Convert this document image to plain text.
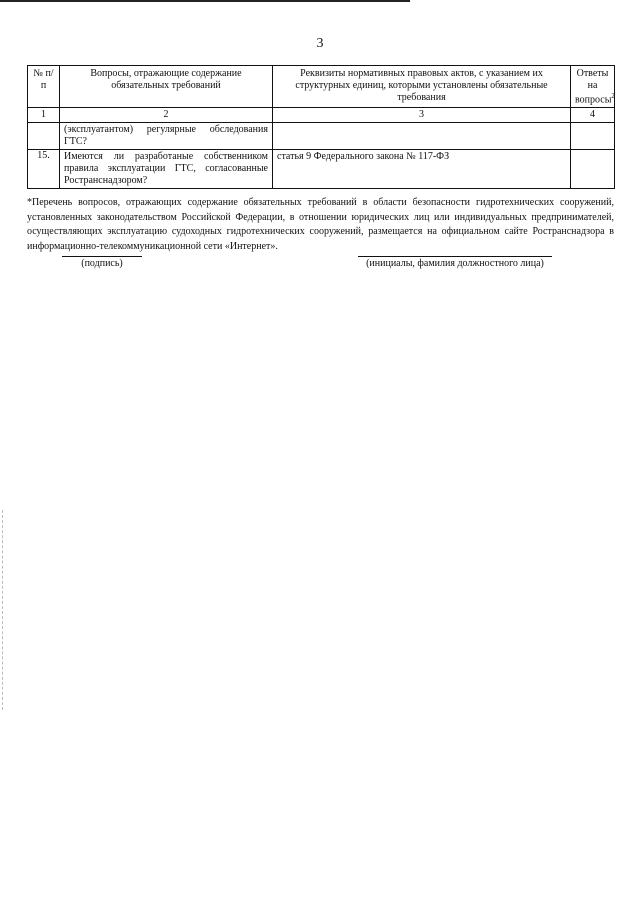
3
№ п/п	Вопросы, отражающие содержание обязательных требований	Реквизиты нормативных правовых актов, с указанием их структурных единиц, которыми установлены обязательные требования	Ответы на вопросы$^2$
1	2	3	4
	(эксплуатантом) регулярные обследования ГТС?		
15.	Имеются ли разработаные собственником правила эксплуатации ГТС, согласованные Ространснадзором?	статья 9 Федерального закона № 117-ФЗ	
*Перечень вопросов, отражающих содержание обязательных требований в области безопасности гидротехнических сооружений, установленных законодательством Российской Федерации, в отношении юридических лиц или индивидуальных предпринимателей, осуществляющих эксплуатацию судоходных гидротехнических сооружений, размещается на официальном сайте Ространснадзора в информационно-телекоммуникационной сети «Интернет».
(подпись)	(инициалы, фамилия должностного лица)
